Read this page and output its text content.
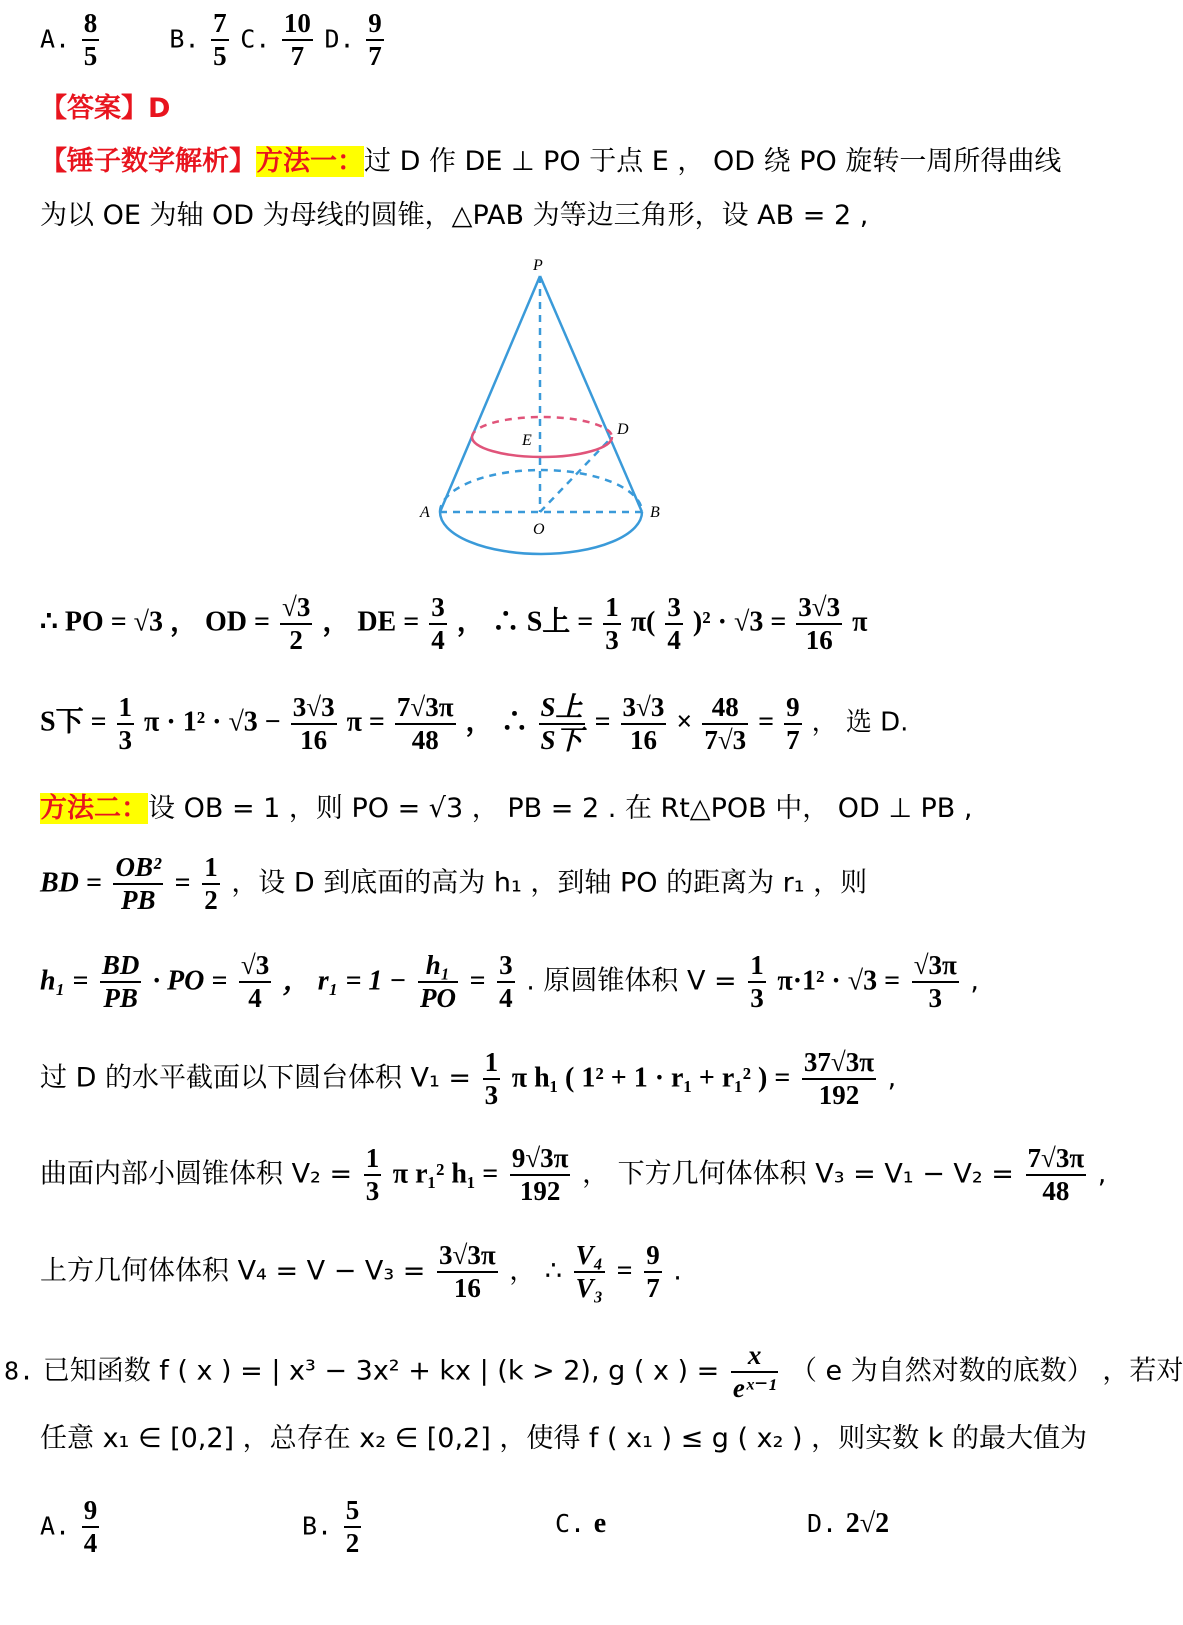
A. $\frac{8}{5}$	B. $\frac{7}{5} C$. $\frac{10}{7} D$. $\frac{9}{7}$
【答案】D
【锤子数学解析】方法一：过 D 作 DE ⊥ PO 于点 E ， OD 绕 PO 旋转一周所得曲线
为以 OE 为轴 OD 为母线的圆锥，△PAB 为等边三角形，设 AB = 2 ,
P
D
E
A	B
O
∴ PO = √3 ， OD = $\frac{√3}{2}$ ， DE = $\frac{3}{4}$ ， ∴ S上 = $\frac{1}{3} \pi( \frac{3}{4} )^2 \cdot √3 = \frac{3√3}{16}$ π
S下 = $\frac{1}{3}$ $\pi \cdot 1^2 \cdot √3 - \frac{3√3}{16}$ $\pi = \frac{7√3\pi}{48}$ ， ∴ S上
S下
= $\frac{3√3}{16} \times \frac{48}{7√3} = \frac{9}{7}$ ， 选 D.
方法二：设 OB = 1 ，则 PO = √3 ， PB = 2 . 在 Rt△POB 中， OD ⊥ PB ,
BD = $\frac{\text{OB²}}{PB} = \frac{1}{2}$ ，设 D 到底面的高为 h₁ ，到轴 PO 的距离为 r₁ ，则
$h_1 = \frac{BD}{PB}$ · PO = $\frac{√3}{4}$ ， $r_1 = 1 - \frac{\text{h₁}}{PO} = \frac{3}{4}$ . 原圆锥体积 $V = \frac{1}{3} \pi\cdot 1^2 \cdot √3 = \frac{√3\pi}{3}$ ,
过 D 的水平截面以下圆台体积 $V_1 = \frac{1}{3}$ π h₁ ( 1² + 1 · r₁ + r₁² ) = $\frac{37√3\pi}{192}$ ,
曲面内部小圆锥体积 $V_2 = \frac{1}{3}$ π r₁² $h_1 = \frac{9√3\pi}{192}$ ， 下方几何体体积 $V_3 = V_1 - V_2 = \frac{7√3\pi}{48}$ ,
上方几何体体积 $V_4 = V - V_3 = \frac{3√3\pi}{16}$ ， ∴ $\frac{\text{V₄}}{\text{V₃}} = \frac{9}{7}$ .
8. 已知函数 f ( x ) = | x³ − 3x² + kx | (k > 2), g ( x ) = $\frac{x}{\text{eˣ⁻¹}}$ （ e 为自然对数的底数） ，若对
任意 x₁ ∈ [0,2] ，总存在 x₂ ∈ [0,2] ，使得 f ( x₁ ) ≤ g ( x₂ ) ，则实数 k 的最大值为
A. $\frac{9}{4}$	B. $\frac{5}{2}$	C. e	D. 2√2
